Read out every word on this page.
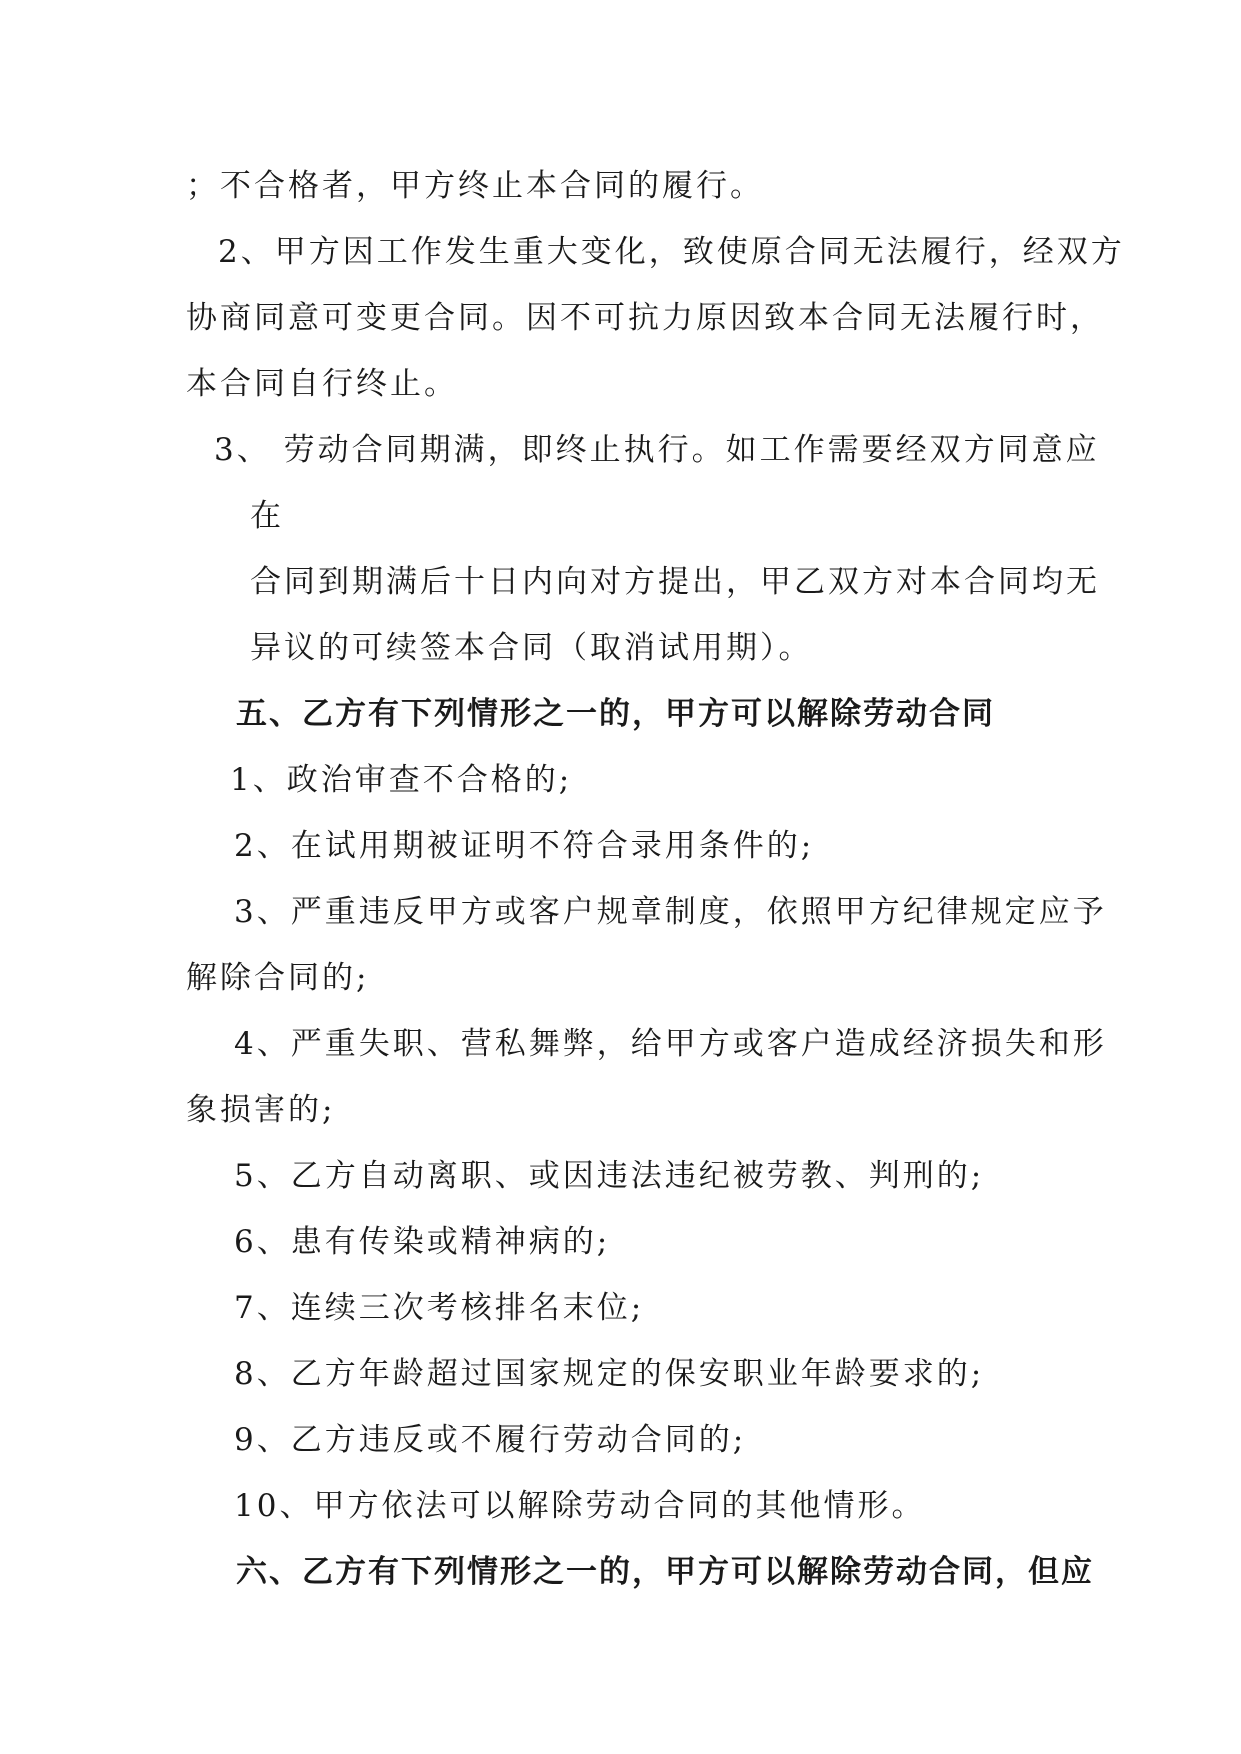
；不合格者，甲方终止本合同的履行。
2、甲方因工作发生重大变化，致使原合同无法履行，经双方
协商同意可变更合同。因不可抗力原因致本合同无法履行时，
本合同自行终止。
3、 劳动合同期满，即终止执行。如工作需要经双方同意应
在
合同到期满后十日内向对方提出，甲乙双方对本合同均无
异议的可续签本合同（取消试用期）。
五、乙方有下列情形之一的，甲方可以解除劳动合同
1、政治审查不合格的;
2、在试用期被证明不符合录用条件的;
3、严重违反甲方或客户规章制度，依照甲方纪律规定应予
解除合同的;
4、严重失职、营私舞弊，给甲方或客户造成经济损失和形
象损害的;
5、乙方自动离职、或因违法违纪被劳教、判刑的;
6、患有传染或精神病的;
7、连续三次考核排名末位;
8、乙方年龄超过国家规定的保安职业年龄要求的;
9、乙方违反或不履行劳动合同的;
10、甲方依法可以解除劳动合同的其他情形。
六、乙方有下列情形之一的，甲方可以解除劳动合同，但应
